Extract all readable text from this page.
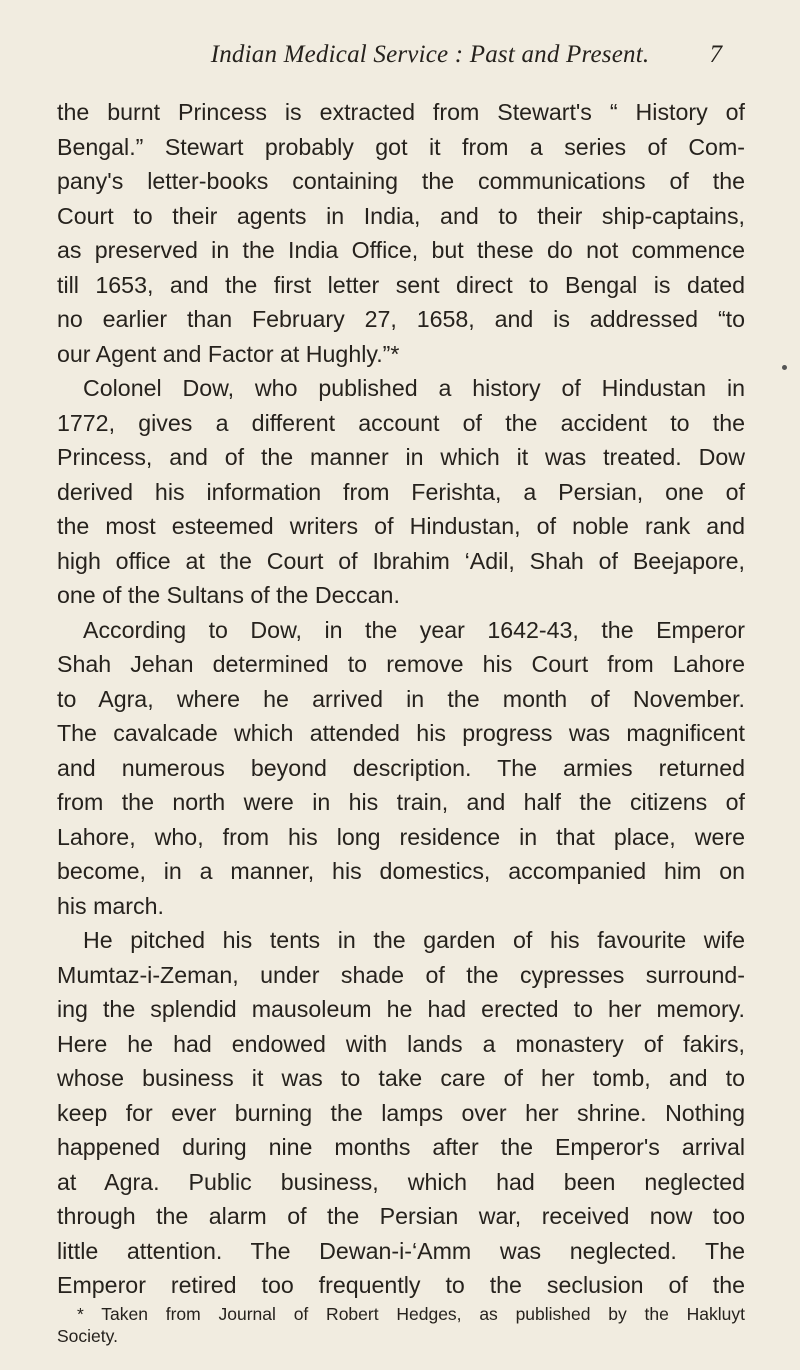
Indian Medical Service : Past and Present.	7
the burnt Princess is extracted from Stewart's “ History of
Bengal.” Stewart probably got it from a series of Com-
pany's letter-books containing the communications of the
Court to their agents in India, and to their ship-captains,
as preserved in the India Office, but these do not commence
till 1653, and the first letter sent direct to Bengal is dated
no earlier than February 27, 1658, and is addressed “to
our Agent and Factor at Hughly.”*
Colonel Dow, who published a history of Hindustan in
1772, gives a different account of the accident to the
Princess, and of the manner in which it was treated. Dow
derived his information from Ferishta, a Persian, one of
the most esteemed writers of Hindustan, of noble rank and
high office at the Court of Ibrahim ‘Adil, Shah of Beejapore,
one of the Sultans of the Deccan.
According to Dow, in the year 1642-43, the Emperor
Shah Jehan determined to remove his Court from Lahore
to Agra, where he arrived in the month of November.
The cavalcade which attended his progress was magnificent
and numerous beyond description. The armies returned
from the north were in his train, and half the citizens of
Lahore, who, from his long residence in that place, were
become, in a manner, his domestics, accompanied him on
his march.
He pitched his tents in the garden of his favourite wife
Mumtaz-i-Zeman, under shade of the cypresses surround-
ing the splendid mausoleum he had erected to her memory.
Here he had endowed with lands a monastery of fakirs,
whose business it was to take care of her tomb, and to
keep for ever burning the lamps over her shrine. Nothing
happened during nine months after the Emperor's arrival
at Agra. Public business, which had been neglected
through the alarm of the Persian war, received now too
little attention. The Dewan-i-‘Amm was neglected. The
Emperor retired too frequently to the seclusion of the
* Taken from Journal of Robert Hedges, as published by the Hakluyt
Society.
